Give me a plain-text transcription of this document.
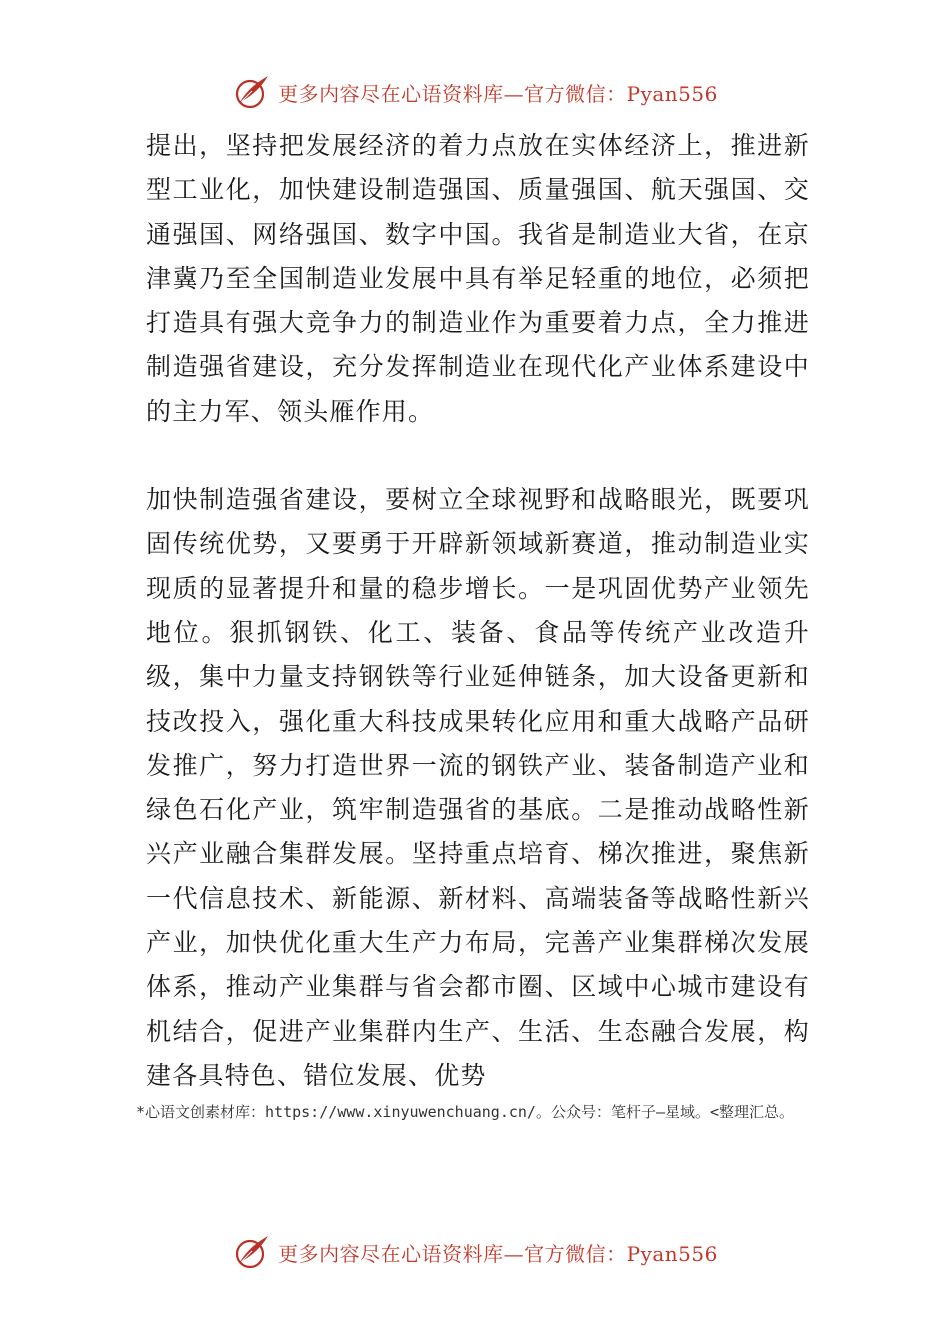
更多内容尽在心语资料库—官方微信：Pyan556

提出，坚持把发展经济的着力点放在实体经济上，推进新型工业化，加快建设制造强国、质量强国、航天强国、交通强国、网络强国、数字中国。我省是制造业大省，在京津冀乃至全国制造业发展中具有举足轻重的地位，必须把打造具有强大竞争力的制造业作为重要着力点，全力推进制造强省建设，充分发挥制造业在现代化产业体系建设中的主力军、领头雁作用。

加快制造强省建设，要树立全球视野和战略眼光，既要巩固传统优势，又要勇于开辟新领域新赛道，推动制造业实现质的显著提升和量的稳步增长。一是巩固优势产业领先地位。狠抓钢铁、化工、装备、食品等传统产业改造升级，集中力量支持钢铁等行业延伸链条，加大设备更新和技改投入，强化重大科技成果转化应用和重大战略产品研发推广，努力打造世界一流的钢铁产业、装备制造产业和绿色石化产业，筑牢制造强省的基底。二是推动战略性新兴产业融合集群发展。坚持重点培育、梯次推进，聚焦新一代信息技术、新能源、新材料、高端装备等战略性新兴产业，加快优化重大生产力布局，完善产业集群梯次发展体系，推动产业集群与省会都市圈、区域中心城市建设有机结合，促进产业集群内生产、生活、生态融合发展，构建各具特色、错位发展、优势

*心语文创素材库：https://www.xinyuwenchuang.cn/。公众号：笔杆子—星域。<整理汇总。
更多内容尽在心语资料库—官方微信：Pyan556
